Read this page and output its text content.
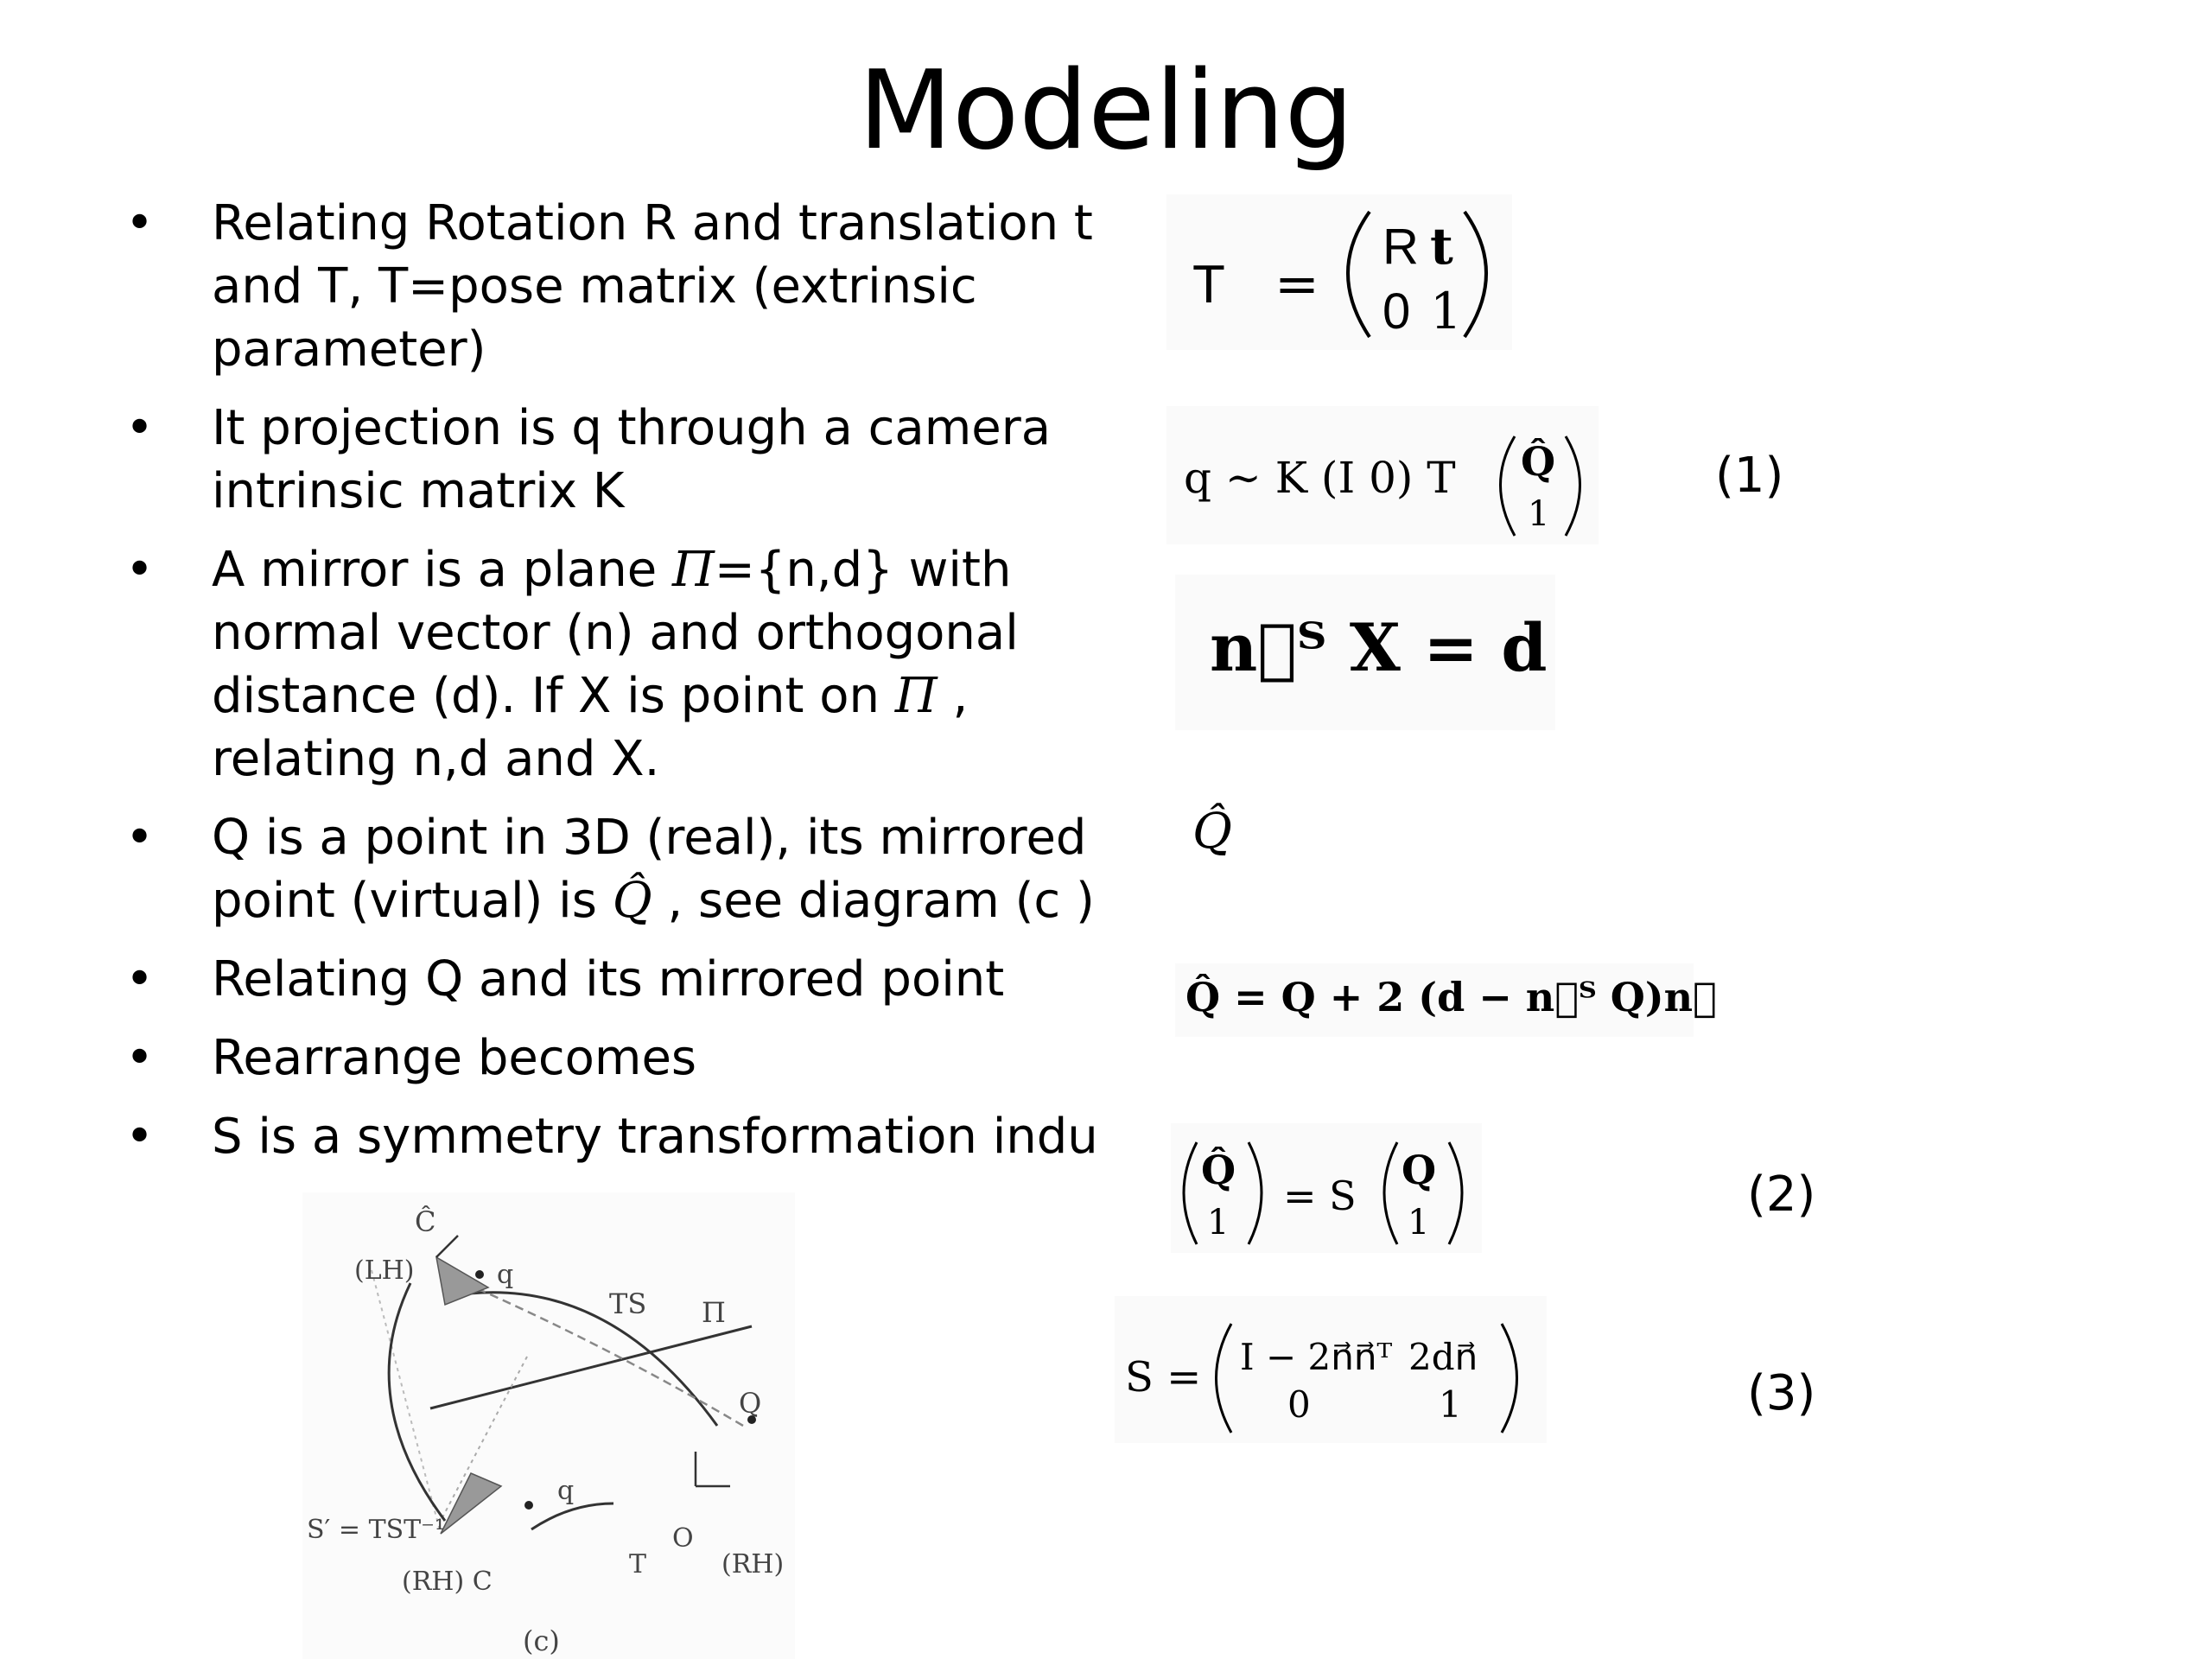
Modeling
• Relating Rotation R and translation t and T, T=pose matrix (extrinsic parameter)
• It projection is q through a camera intrinsic matrix K
• A mirror is a plane Π={n,d} with normal vector (n) and orthogonal distance (d). If X is point on Π , relating n,d and X.
• Q is a point in 3D (real), its mirrored point (virtual) is Q̂ , see diagram (c )
• Relating Q and its mirrored point
• Rearrange becomes
• S is a symmetry transformation indu
T =
R t
0 1
q ∼ K (I 0) T Q̂
1
(1)
n⃗ᵀ X = d
Q̂
Q̂ = Q + 2 (d − n⃗ᵀ Q)n⃗
Q̂
1
= S
Q
1	(2)
S = I − 2n⃗n⃗ᵀ 2dn⃗
0	1	(3)
Ĉ
(LH)	q
TS Π
Q
S′ = TST⁻¹
q
(RH) C
T
O
(RH)
(c)
